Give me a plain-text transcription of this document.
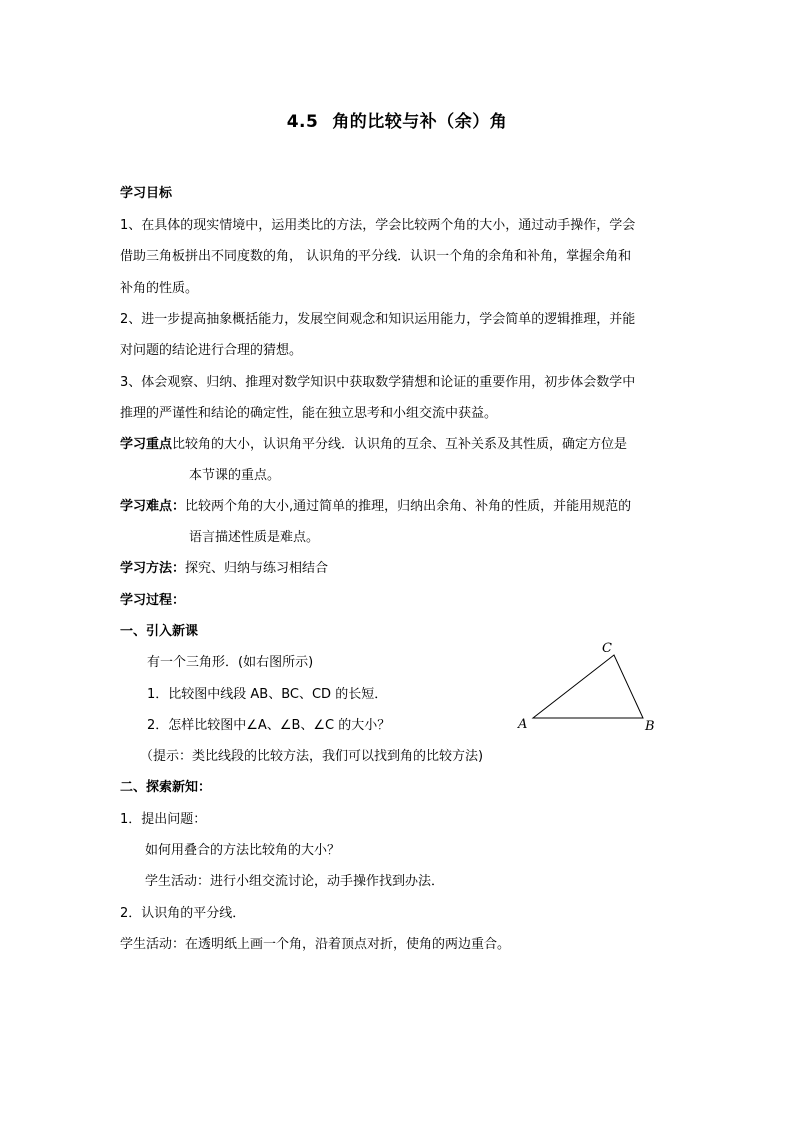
4.5 角的比较与补（余）角
学习目标
1、在具体的现实情境中，运用类比的方法，学会比较两个角的大小，通过动手操作，学会
借助三角板拼出不同度数的角， 认识角的平分线．认识一个角的余角和补角，掌握余角和
补角的性质。
2、进一步提高抽象概括能力，发展空间观念和知识运用能力，学会简单的逻辑推理，并能
对问题的结论进行合理的猜想。
3、体会观察、归纳、推理对数学知识中获取数学猜想和论证的重要作用，初步体会数学中
推理的严谨性和结论的确定性，能在独立思考和小组交流中获益。
学习重点比较角的大小，认识角平分线．认识角的互余、互补关系及其性质，确定方位是
本节课的重点。
学习难点：比较两个角的大小,通过简单的推理，归纳出余角、补角的性质，并能用规范的
语言描述性质是难点。
学习方法：探究、归纳与练习相结合
学习过程：
一、引入新课
有一个三角形．(如右图所示)
1．比较图中线段 AB、BC、CD 的长短．
2．怎样比较图中∠A、∠B、∠C 的大小？
（提示：类比线段的比较方法，我们可以找到角的比较方法)
A	B
C
二、探索新知：
1．提出问题：
如何用叠合的方法比较角的大小？
学生活动：进行小组交流讨论，动手操作找到办法．
2．认识角的平分线．
学生活动：在透明纸上画一个角，沿着顶点对折，使角的两边重合。
